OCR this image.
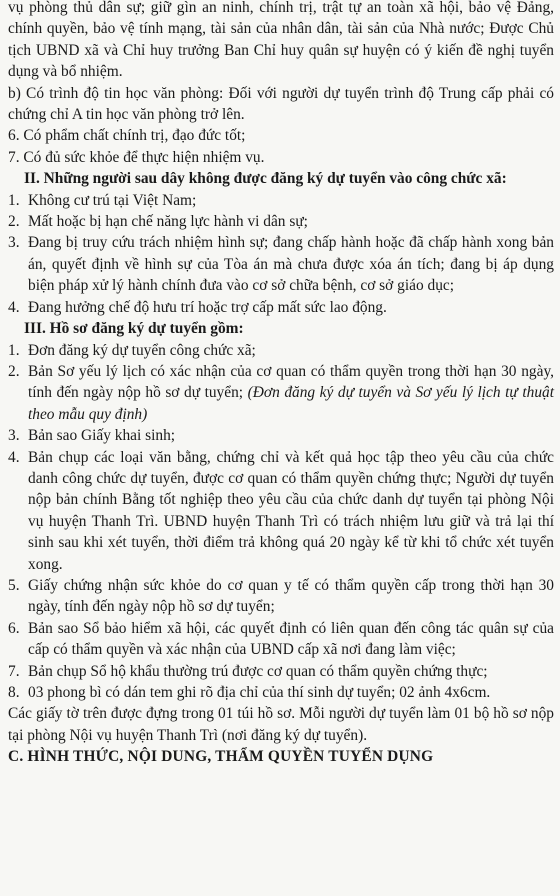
vụ phòng thủ dân sự; giữ gìn an ninh, chính trị, trật tự an toàn xã hội, bảo vệ Đảng, chính quyền, bảo vệ tính mạng, tài sản của nhân dân, tài sản của Nhà nước; Được Chủ tịch UBND xã và Chỉ huy trưởng Ban Chỉ huy quân sự huyện có ý kiến đề nghị tuyển dụng và bổ nhiệm.

b) Có trình độ tin học văn phòng: Đối với người dự tuyển trình độ Trung cấp phải có chứng chỉ A tin học văn phòng trở lên.

6. Có phẩm chất chính trị, đạo đức tốt;

7. Có đủ sức khỏe để thực hiện nhiệm vụ.

II. Những người sau dây không được đăng ký dự tuyển vào công chức xã:

1. Không cư trú tại Việt Nam;
2. Mất hoặc bị hạn chế năng lực hành vi dân sự;
3. Đang bị truy cứu trách nhiệm hình sự; đang chấp hành hoặc đã chấp hành xong bản án, quyết định về hình sự của Tòa án mà chưa được xóa án tích; đang bị áp dụng biện pháp xử lý hành chính đưa vào cơ sở chữa bệnh, cơ sở giáo dục;
4. Đang hưởng chế độ hưu trí hoặc trợ cấp mất sức lao động.

III. Hồ sơ đăng ký dự tuyển gồm:

1. Đơn đăng ký dự tuyển công chức xã;
2. Bản Sơ yếu lý lịch có xác nhận của cơ quan có thẩm quyền trong thời hạn 30 ngày, tính đến ngày nộp hồ sơ dự tuyển; (Đơn đăng ký dự tuyển và Sơ yếu lý lịch tự thuật theo mẫu quy định)
3. Bản sao Giấy khai sinh;
4. Bản chụp các loại văn bằng, chứng chỉ và kết quả học tập theo yêu cầu của chức danh công chức dự tuyển, được cơ quan có thẩm quyền chứng thực; Người dự tuyển nộp bản chính Bằng tốt nghiệp theo yêu cầu của chức danh dự tuyển tại phòng Nội vụ huyện Thanh Trì. UBND huyện Thanh Trì có trách nhiệm lưu giữ và trả lại thí sinh sau khi xét tuyển, thời điểm trả không quá 20 ngày kể từ khi tổ chức xét tuyển xong.
5. Giấy chứng nhận sức khỏe do cơ quan y tế có thẩm quyền cấp trong thời hạn 30 ngày, tính đến ngày nộp hồ sơ dự tuyển;
6. Bản sao Sổ bảo hiểm xã hội, các quyết định có liên quan đến công tác quân sự của cấp có thẩm quyền và xác nhận của UBND cấp xã nơi đang làm việc;
7. Bản chụp Sổ hộ khẩu thường trú được cơ quan có thẩm quyền chứng thực;
8. 03 phong bì có dán tem ghi rõ địa chỉ của thí sinh dự tuyển; 02 ảnh 4x6cm.

Các giấy tờ trên được đựng trong 01 túi hồ sơ. Mỗi người dự tuyển làm 01 bộ hồ sơ nộp tại phòng Nội vụ huyện Thanh Trì (nơi đăng ký dự tuyển).

C. HÌNH THỨC, NỘI DUNG, THẨM QUYỀN TUYỂN DỤNG
